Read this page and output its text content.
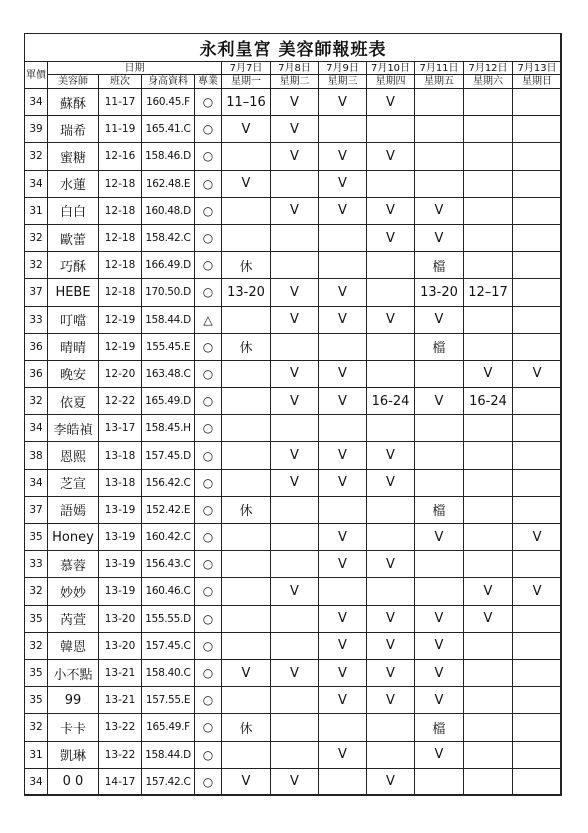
永利皇宮 美容師報班表											
單價	日期				7月7日	7月8日	7月9日	7月10日	7月11日	7月12日	7月13日
	美容師	班次	身高資料	專業	星期一	星期二	星期三	星期四	星期五	星期六	星期日
34	蘇酥	11-17	160.45.F	○	11–16	V	V	V			
39	瑞希	11-19	165.41.C	○	V	V					
32	蜜糖	12-16	158.46.D	○		V	V	V			
34	水蓮	12-18	162.48.E	○	V		V				
31	白白	12-18	160.48.D	○		V	V	V	V		
32	歐蕾	12-18	158.42.C	○				V	V		
32	巧酥	12-18	166.49.D	○	休				檔		
37	HEBE	12-18	170.50.D	○	13-20	V	V		13-20	12–17	
33	叮噹	12-19	158.44.D	△		V	V	V	V		
36	晴晴	12-19	155.45.E	○	休				檔		
36	晚安	12-20	163.48.C	○		V	V			V	V
32	依夏	12-22	165.49.D	○		V	V	16-24	V	16-24	
34	李皓禎	13-17	158.45.H	○							
38	恩熙	13-18	157.45.D	○		V	V	V			
34	芝宣	13-18	156.42.C	○		V	V	V			
37	語嫣	13-19	152.42.E	○	休				檔		
35	Honey	13-19	160.42.C	○			V		V		V
33	慕蓉	13-19	156.43.C	○			V	V			
32	妙妙	13-19	160.46.C	○		V				V	V
35	芮萱	13-20	155.55.D	○			V	V	V	V	
32	韓恩	13-20	157.45.C	○			V	V	V		
35	小不點	13-21	158.40.C	○	V	V	V	V	V		
35	99	13-21	157.55.E	○			V	V	V		
32	卡卡	13-22	165.49.F	○	休				檔		
31	凱琳	13-22	158.44.D	○			V		V		
34	0 0	14-17	157.42.C	○	V	V		V			
